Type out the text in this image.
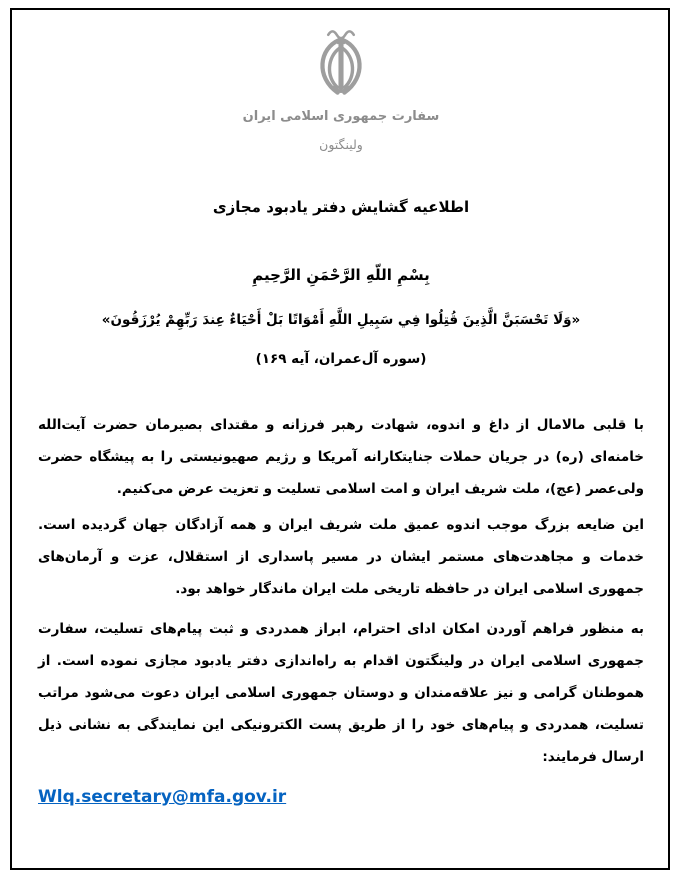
سفارت جمهوری اسلامی ایران
ولینگتون
اطلاعیه گشایش دفتر یادبود مجازی
بِسْمِ اللّهِ الرَّحْمَنِ الرَّحِيمِ
«وَلَا تَحْسَبَنَّ الَّذِينَ قُتِلُوا فِي سَبِيلِ اللَّهِ أَمْوَاتًا بَلْ أَحْيَاءٌ عِندَ رَبِّهِمْ يُرْزَقُونَ»
(سوره آل‌عمران، آیه ۱۶۹)

با قلبی مالامال از داغ و اندوه، شهادت رهبر فرزانه و مقتدای بصیرمان حضرت آیت‌الله خامنه‌ای (ره) در جریان حملات جنایتکارانه آمریکا و رژیم صهیونیستی را به پیشگاه حضرت ولی‌عصر (عج)، ملت شریف ایران و امت اسلامی تسلیت و تعزیت عرض می‌کنیم.

این ضایعه بزرگ موجب اندوه عمیق ملت شریف ایران و همه آزادگان جهان گردیده است. خدمات و مجاهدت‌های مستمر ایشان در مسیر پاسداری از استقلال، عزت و آرمان‌های جمهوری اسلامی ایران در حافظه تاریخی ملت ایران ماندگار خواهد بود.

به منظور فراهم آوردن امکان ادای احترام، ابراز همدردی و ثبت پیام‌های تسلیت، سفارت جمهوری اسلامی ایران در ولینگتون اقدام به راه‌اندازی دفتر یادبود مجازی نموده است. از هموطنان گرامی و نیز علاقه‌مندان و دوستان جمهوری اسلامی ایران دعوت می‌شود مراتب تسلیت، همدردی و پیام‌های خود را از طریق پست الکترونیکی این نمایندگی به نشانی ذیل ارسال فرمایند:

Wlq.secretary@mfa.gov.ir
